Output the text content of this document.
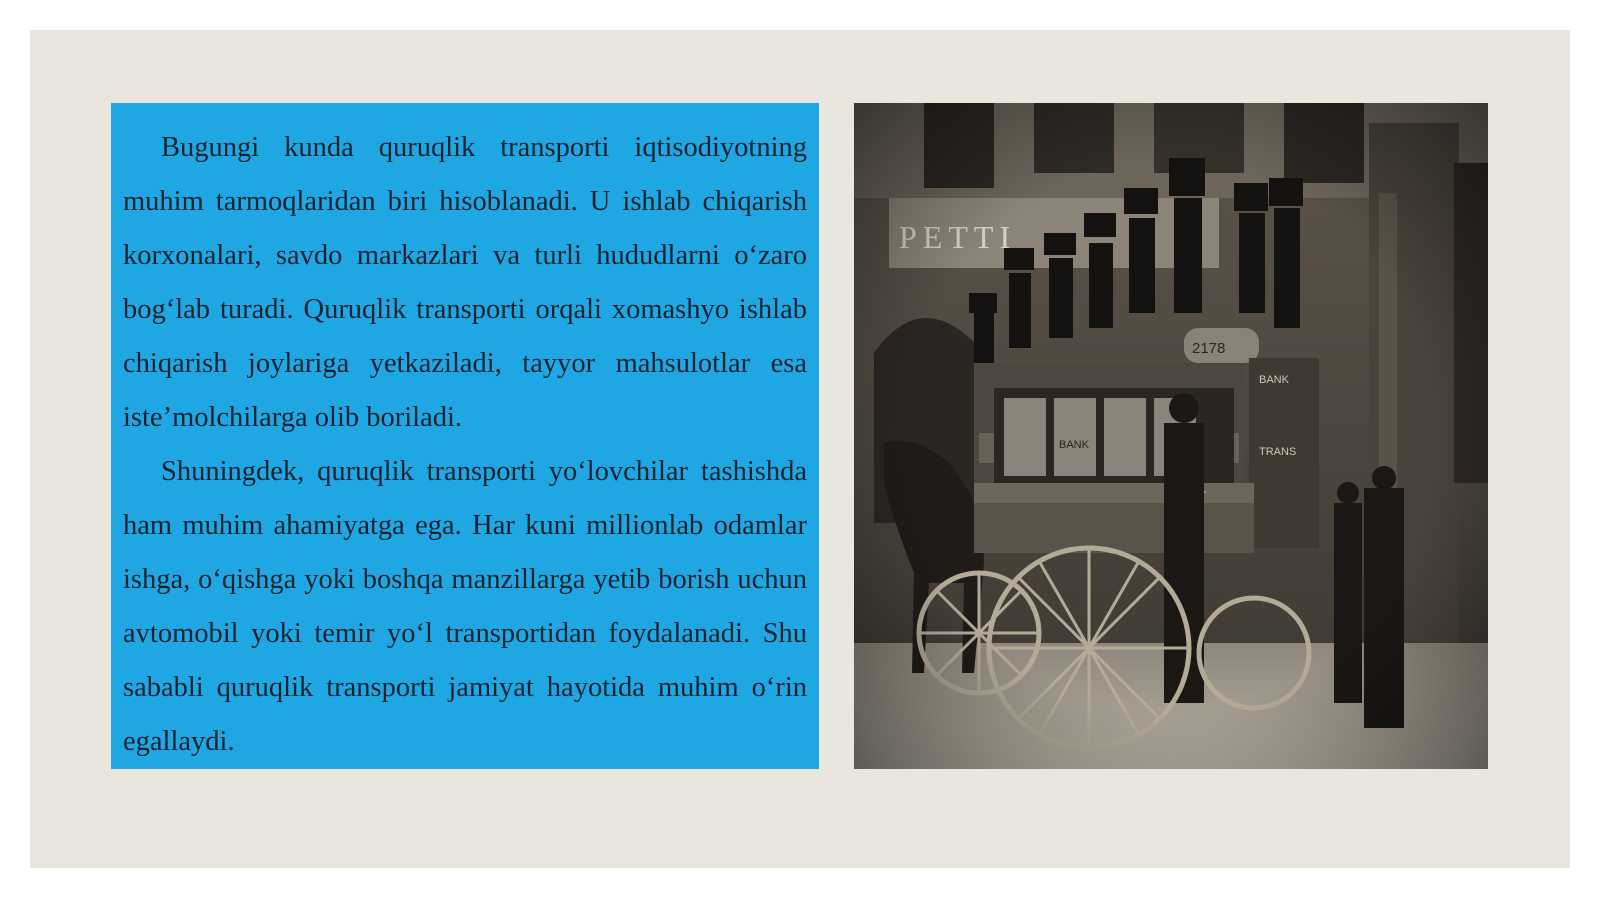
Bugungi kunda quruqlik transporti iqtisodiyotning muhim tarmoqlaridan biri hisoblanadi. U ishlab chiqarish korxonalari, savdo markazlari va turli hududlarni o‘zaro bog‘lab turadi. Quruqlik transporti orqali xomashyo ishlab chiqarish joylariga yetkaziladi, tayyor mahsulotlar esa iste’molchilarga olib boriladi.

Shuningdek, quruqlik transporti yo‘lovchilar tashishda ham muhim ahamiyatga ega. Har kuni millionlab odamlar ishga, o‘qishga yoki boshqa manzillarga yetib borish uchun avtomobil yoki temir yo‘l transportidan foydalanadi. Shu sababli quruqlik transporti jamiyat hayotida muhim o‘rin egallaydi.
